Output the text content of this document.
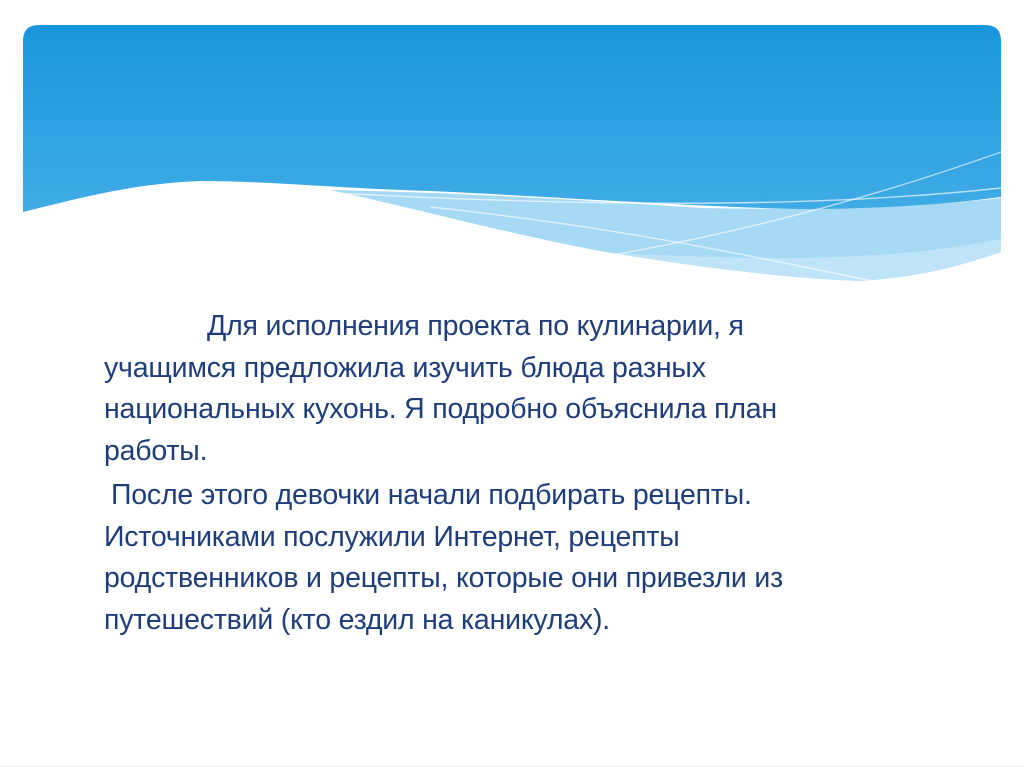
Для исполнения проекта по кулинарии, я
учащимся предложила изучить блюда разных
национальных кухонь. Я подробно объяснила план
работы.
После этого девочки начали подбирать рецепты.
Источниками послужили Интернет, рецепты
родственников и рецепты, которые они привезли из
путешествий (кто ездил на каникулах).
